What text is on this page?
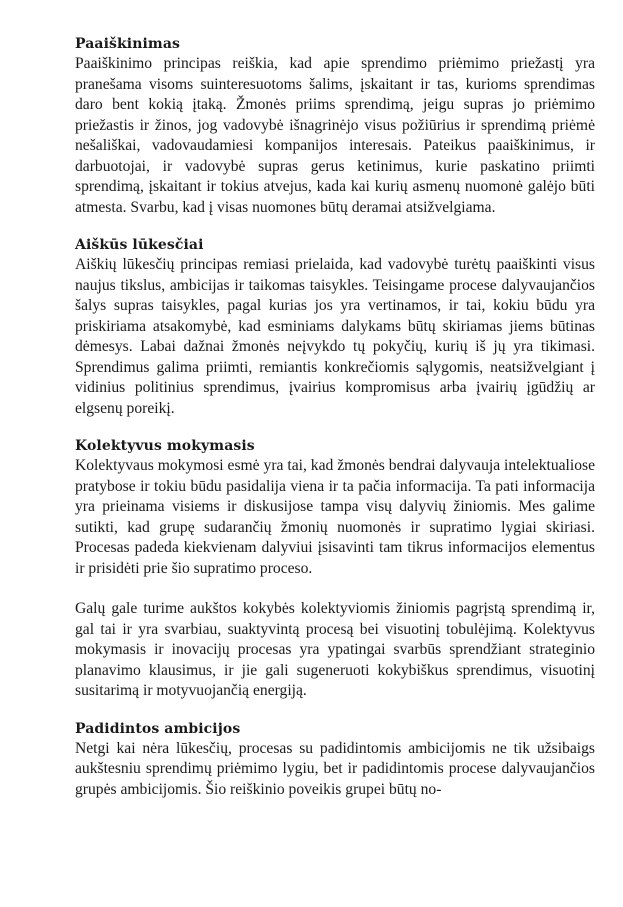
Paaiškinimas

Paaiškinimo principas reiškia, kad apie sprendimo priėmimo priežastį yra pranešama visoms suinteresuotoms šalims, įskaitant ir tas, kurioms sprendimas daro bent kokią įtaką. Žmonės priims sprendimą, jeigu supras jo priėmimo priežastis ir žinos, jog vadovybė išnagrinėjo visus požiūrius ir sprendimą priėmė nešališkai, vadovaudamiesi kompanijos interesais. Pateikus paaiškinimus, ir darbuotojai, ir vadovybė supras gerus ketinimus, kurie paskatino priimti sprendimą, įskaitant ir tokius atvejus, kada kai kurių asmenų nuomonė galėjo būti atmesta. Svarbu, kad į visas nuomones būtų deramai atsižvelgiama.

Aiškūs lūkesčiai

Aiškių lūkesčių principas remiasi prielaida, kad vadovybė turėtų paaiškinti visus naujus tikslus, ambicijas ir taikomas taisykles. Teisingame procese dalyvaujančios šalys supras taisykles, pagal kurias jos yra vertinamos, ir tai, kokiu būdu yra priskiriama atsakomybė, kad esminiams dalykams būtų skiriamas jiems būtinas dėmesys. Labai dažnai žmonės neįvykdo tų pokyčių, kurių iš jų yra tikimasi. Sprendimus galima priimti, remiantis konkrečiomis sąlygomis, neatsižvelgiant į vidinius politinius sprendimus, įvairius kompromisus arba įvairių įgūdžių ar elgsenų poreikį.

Kolektyvus mokymasis

Kolektyvaus mokymosi esmė yra tai, kad žmonės bendrai dalyvauja intelektualiose pratybose ir tokiu būdu pasidalija viena ir ta pačia informacija. Ta pati informacija yra prieinama visiems ir diskusijose tampa visų dalyvių žiniomis. Mes galime sutikti, kad grupę sudarančių žmonių nuomonės ir supratimo lygiai skiriasi. Procesas padeda kiekvienam dalyviui įsisavinti tam tikrus informacijos elementus ir prisidėti prie šio supratimo proceso.

Galų gale turime aukštos kokybės kolektyviomis žiniomis pagrįstą sprendimą ir, gal tai ir yra svarbiau, suaktyvintą procesą bei visuotinį tobulėjimą. Kolektyvus mokymasis ir inovacijų procesas yra ypatingai svarbūs sprendžiant strateginio planavimo klausimus, ir jie gali sugeneruoti kokybiškus sprendimus, visuotinį susitarimą ir motyvuojančią energiją.

Padidintos ambicijos

Netgi kai nėra lūkesčių, procesas su padidintomis ambicijomis ne tik užsibaigs aukštesniu sprendimų priėmimo lygiu, bet ir padidintomis procese dalyvaujančios grupės ambicijomis. Šio reiškinio poveikis grupei būtų no-
